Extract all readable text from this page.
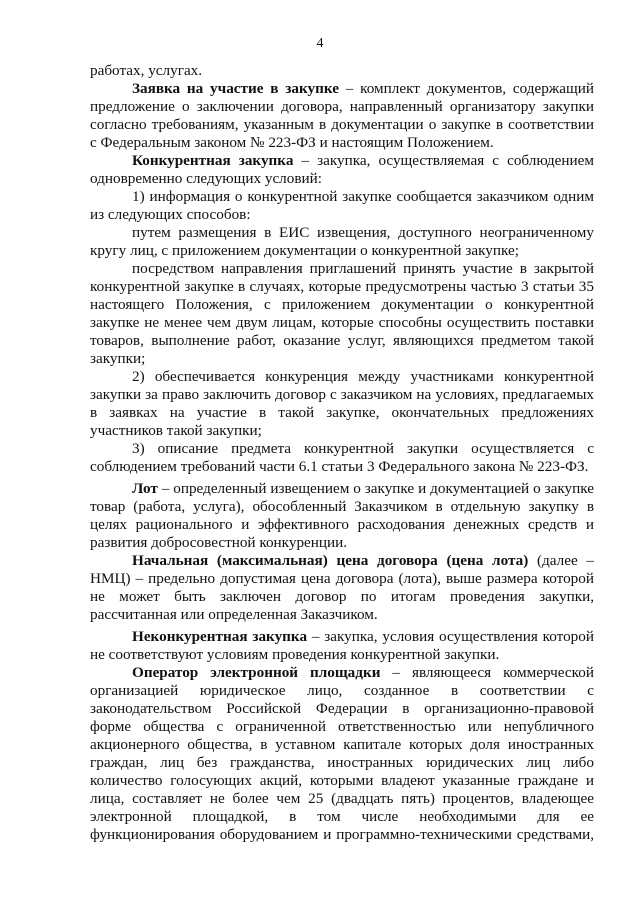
4

работах, услугах.

Заявка на участие в закупке – комплект документов, содержащий предложение о заключении договора, направленный организатору закупки согласно требованиям, указанным в документации о закупке в соответствии с Федеральным законом № 223-ФЗ и настоящим Положением.

Конкурентная закупка – закупка, осуществляемая с соблюдением одновременно следующих условий:

1) информация о конкурентной закупке сообщается заказчиком одним из следующих способов:

путем размещения в ЕИС извещения, доступного неограниченному кругу лиц, с приложением документации о конкурентной закупке;

посредством направления приглашений принять участие в закрытой конкурентной закупке в случаях, которые предусмотрены частью 3 статьи 35 настоящего Положения, с приложением документации о конкурентной закупке не менее чем двум лицам, которые способны осуществить поставки товаров, выполнение работ, оказание услуг, являющихся предметом такой закупки;

2) обеспечивается конкуренция между участниками конкурентной закупки за право заключить договор с заказчиком на условиях, предлагаемых в заявках на участие в такой закупке, окончательных предложениях участников такой закупки;

3) описание предмета конкурентной закупки осуществляется с соблюдением требований части 6.1 статьи 3 Федерального закона № 223-ФЗ.

Лот – определенный извещением о закупке и документацией о закупке товар (работа, услуга), обособленный Заказчиком в отдельную закупку в целях рационального и эффективного расходования денежных средств и развития добросовестной конкуренции.

Начальная (максимальная) цена договора (цена лота) (далее – НМЦ) – предельно допустимая цена договора (лота), выше размера которой не может быть заключен договор по итогам проведения закупки, рассчитанная или определенная Заказчиком.

Неконкурентная закупка – закупка, условия осуществления которой не соответствуют условиям проведения конкурентной закупки.

Оператор электронной площадки – являющееся коммерческой организацией юридическое лицо, созданное в соответствии с законодательством Российской Федерации в организационно-правовой форме общества с ограниченной ответственностью или непубличного акционерного общества, в уставном капитале которых доля иностранных граждан, лиц без гражданства, иностранных юридических лиц либо количество голосующих акций, которыми владеют указанные граждане и лица, составляет не более чем 25 (двадцать пять) процентов, владеющее электронной площадкой, в том числе необходимыми для ее функционирования оборудованием и программно-техническими средствами,
